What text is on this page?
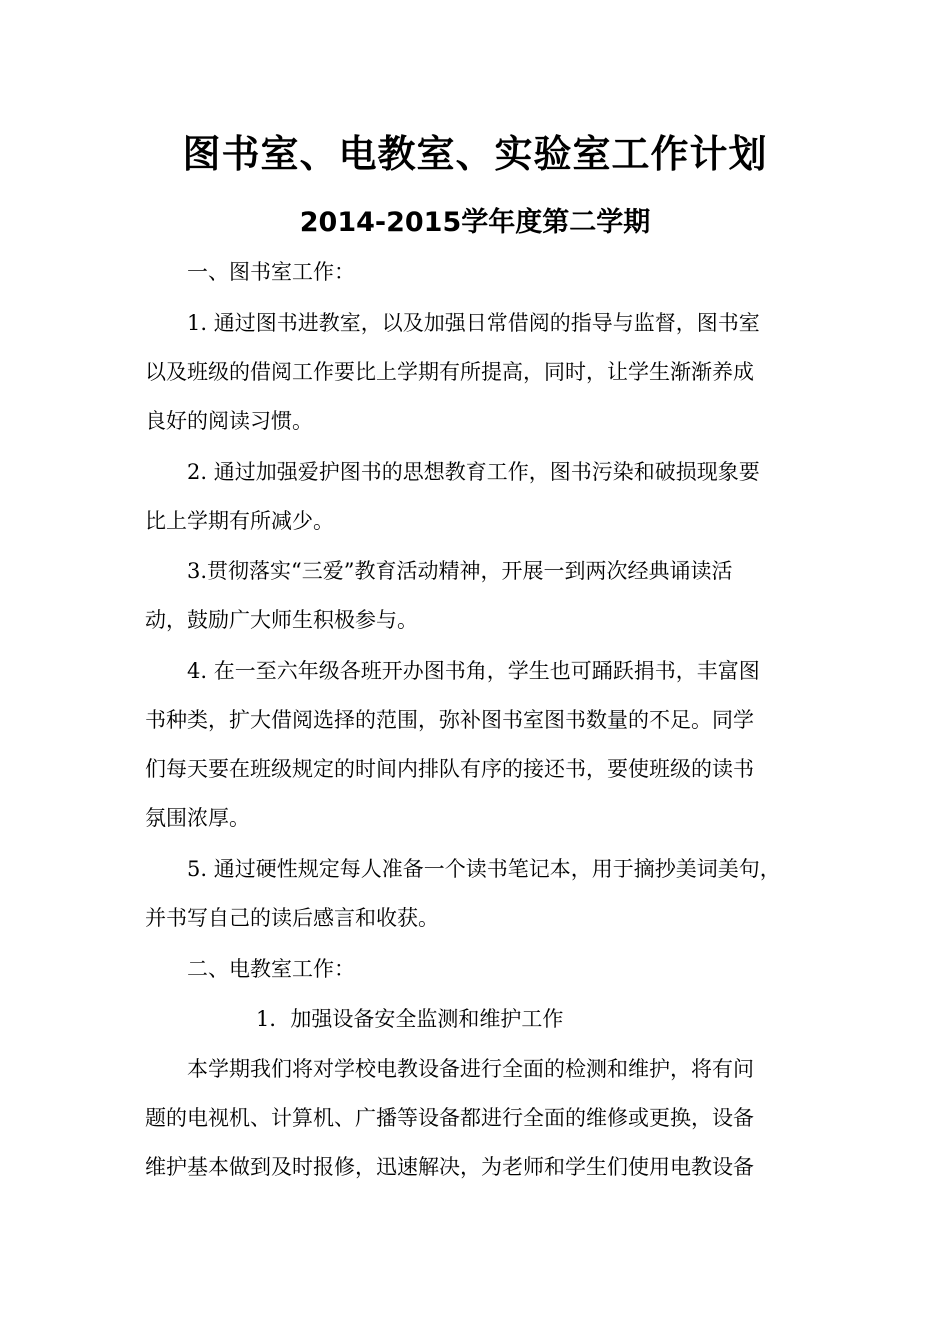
图书室、电教室、实验室工作计划
2014-2015学年度第二学期

一、图书室工作：

1. 通过图书进教室，以及加强日常借阅的指导与监督，图书室

以及班级的借阅工作要比上学期有所提高，同时，让学生渐渐养成

良好的阅读习惯。

2. 通过加强爱护图书的思想教育工作，图书污染和破损现象要

比上学期有所减少。

3.贯彻落实“三爱”教育活动精神，开展一到两次经典诵读活

动，鼓励广大师生积极参与。

4. 在一至六年级各班开办图书角，学生也可踊跃捐书，丰富图

书种类，扩大借阅选择的范围，弥补图书室图书数量的不足。同学

们每天要在班级规定的时间内排队有序的接还书，要使班级的读书

氛围浓厚。

5. 通过硬性规定每人准备一个读书笔记本，用于摘抄美词美句，

并书写自己的读后感言和收获。

二、电教室工作：

1．加强设备安全监测和维护工作

本学期我们将对学校电教设备进行全面的检测和维护，将有问

题的电视机、计算机、广播等设备都进行全面的维修或更换，设备

维护基本做到及时报修，迅速解决，为老师和学生们使用电教设备
